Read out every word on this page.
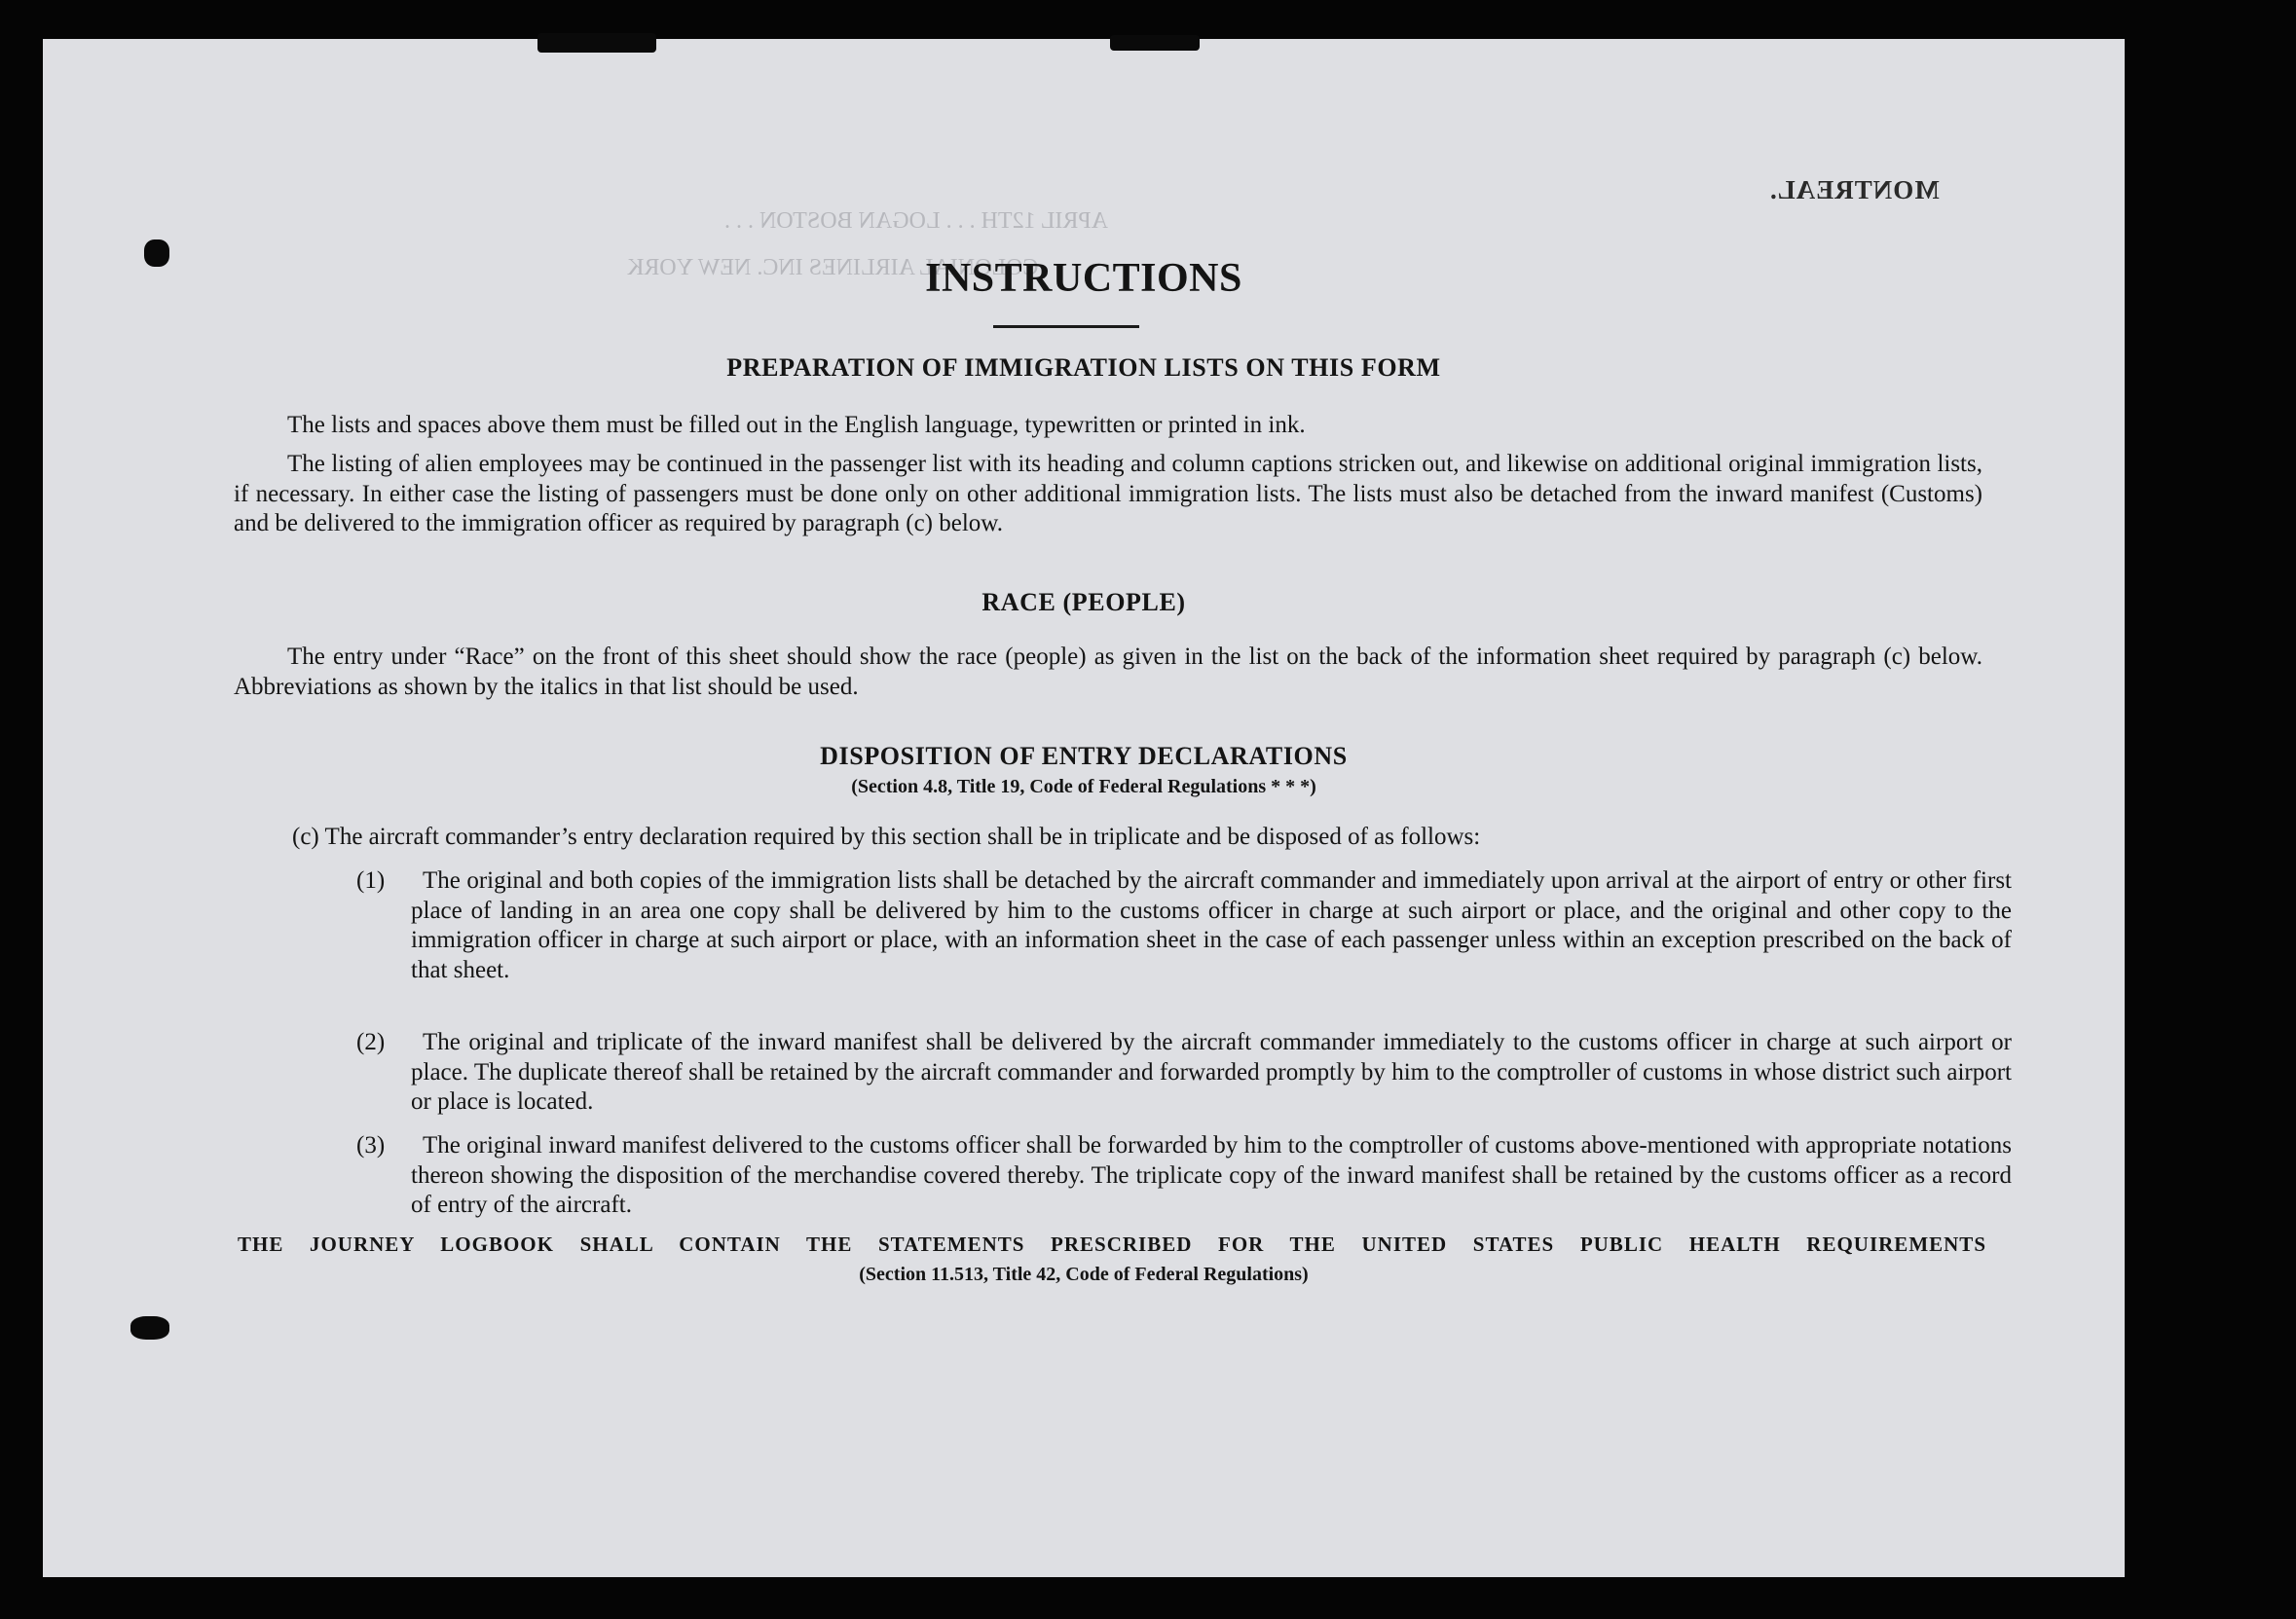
APRIL 12TH . . . LOGAN BOSTON . . .
COLONIAL AIRLINES INC. NEW YORK
MONTREAL.
INSTRUCTIONS
PREPARATION OF IMMIGRATION LISTS ON THIS FORM

The lists and spaces above them must be filled out in the English language, typewritten or printed in ink.

The listing of alien employees may be continued in the passenger list with its heading and column captions stricken out, and likewise on additional original immigration lists, if necessary. In either case the listing of passengers must be done only on other additional immigration lists. The lists must also be detached from the inward manifest (Customs) and be delivered to the immigration officer as required by paragraph (c) below.

RACE (PEOPLE)

The entry under “Race” on the front of this sheet should show the race (people) as given in the list on the back of the information sheet required by paragraph (c) below. Abbreviations as shown by the italics in that list should be used.

DISPOSITION OF ENTRY DECLARATIONS
(Section 4.8, Title 19, Code of Federal Regulations * * *)

(c) The aircraft commander’s entry declaration required by this section shall be in triplicate and be disposed of as follows:

(1) The original and both copies of the immigration lists shall be detached by the aircraft commander and immediately upon arrival at the airport of entry or other first place of landing in an area one copy shall be delivered by him to the customs officer in charge at such airport or place, and the original and other copy to the immigration officer in charge at such airport or place, with an information sheet in the case of each passenger unless within an exception prescribed on the back of that sheet.
(2) The original and triplicate of the inward manifest shall be delivered by the aircraft commander immediately to the customs officer in charge at such airport or place. The duplicate thereof shall be retained by the aircraft commander and forwarded promptly by him to the comptroller of customs in whose district such airport or place is located.
(3) The original inward manifest delivered to the customs officer shall be forwarded by him to the comptroller of customs above-mentioned with appropriate notations thereon showing the disposition of the merchandise covered thereby. The triplicate copy of the inward manifest shall be retained by the customs officer as a record of entry of the aircraft.
THE JOURNEY LOGBOOK SHALL CONTAIN THE STATEMENTS PRESCRIBED FOR THE UNITED STATES PUBLIC HEALTH REQUIREMENTS
(Section 11.513, Title 42, Code of Federal Regulations)
